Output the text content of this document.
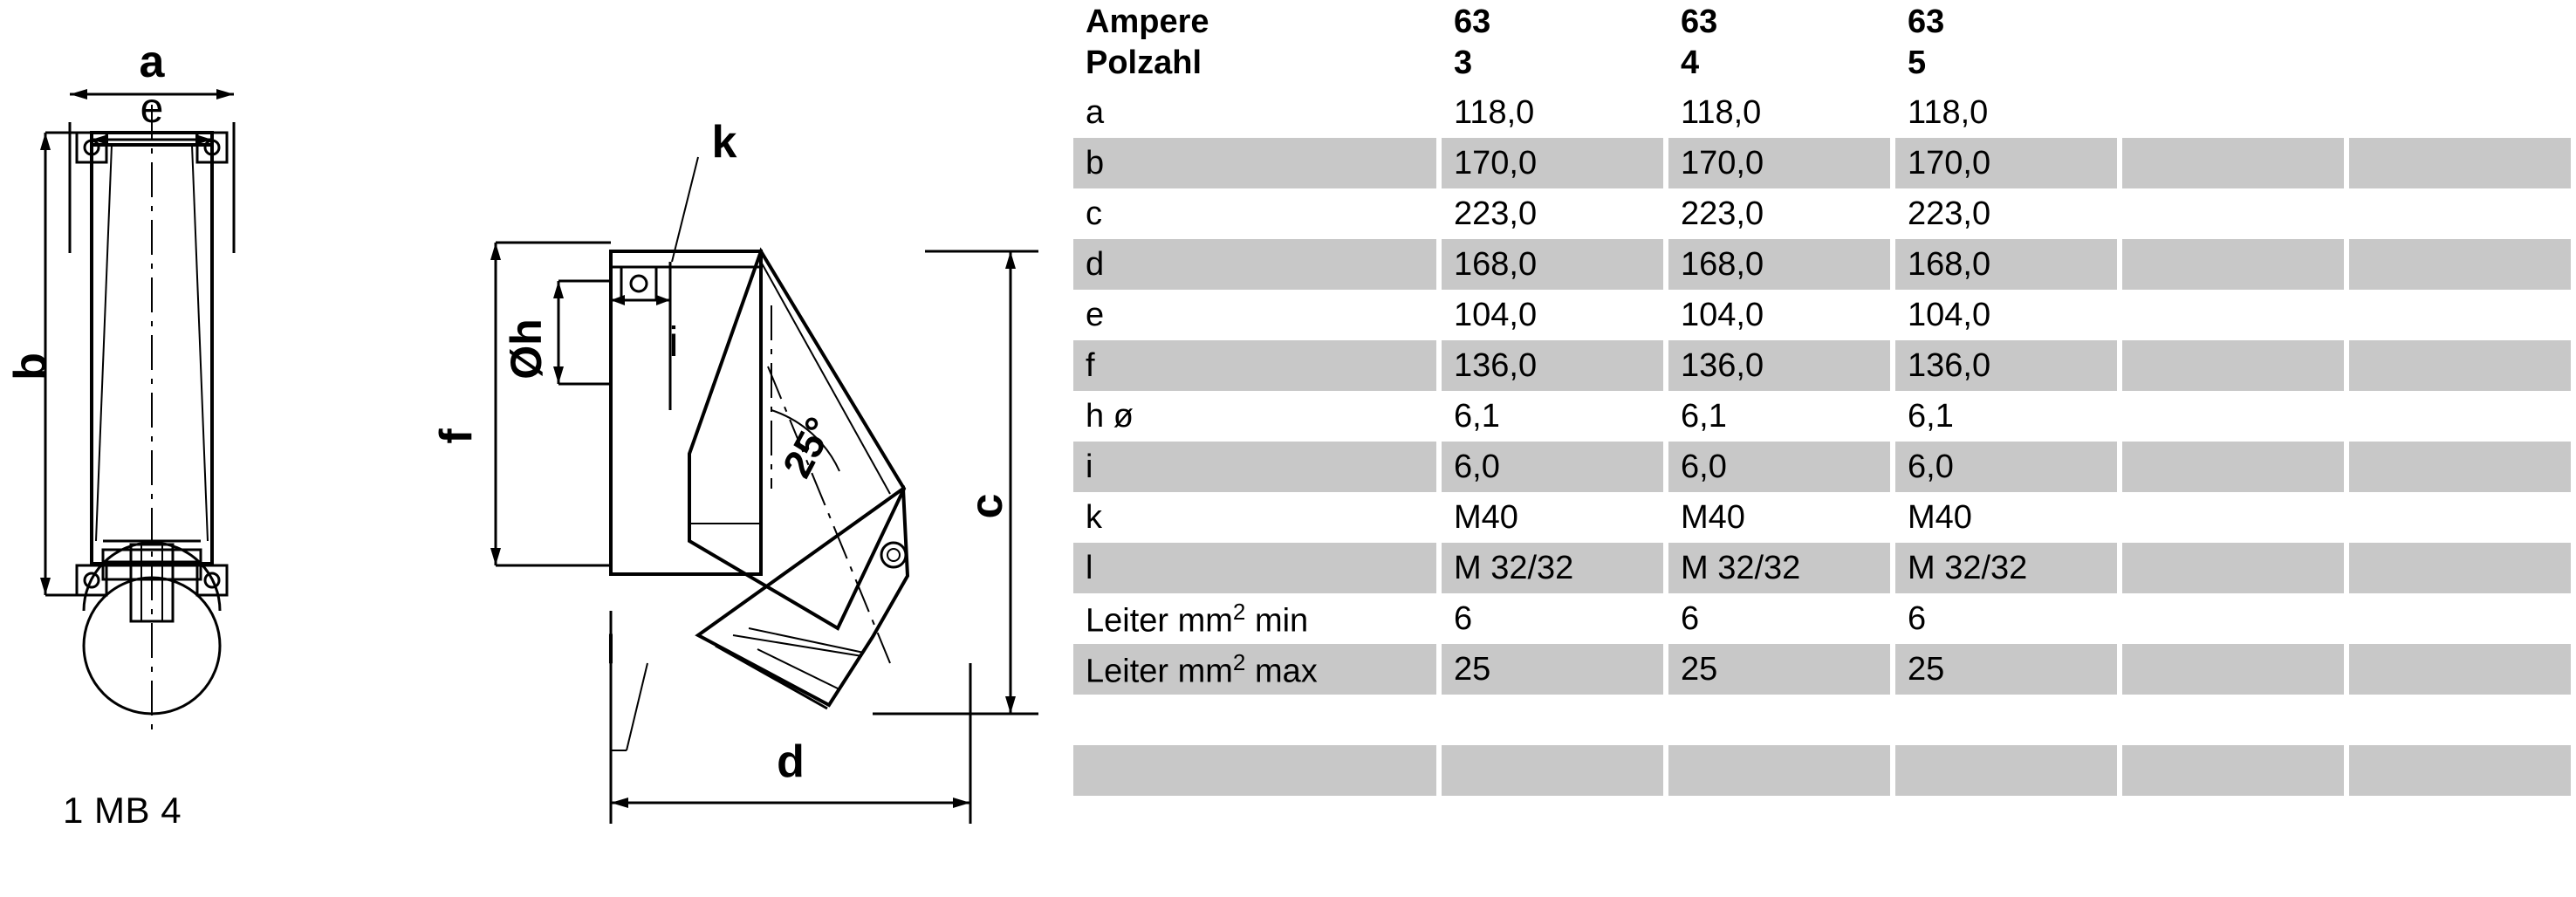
a
e
b
f
Øh	i
k
c
d
25°
l
1 MB 4
Ampere	63	63	63			
Polzahl	3	4	5			
a	118,0	118,0	118,0			
b	170,0	170,0	170,0			
c	223,0	223,0	223,0			
d	168,0	168,0	168,0			
e	104,0	104,0	104,0			
f	136,0	136,0	136,0			
h ø	6,1	6,1	6,1			
i	6,0	6,0	6,0			
k	M40	M40	M40			
l	M 32/32	M 32/32	M 32/32			
Leiter $mm^2$ min	6	6	6			
Leiter $mm^2$ max	25	25	25			
